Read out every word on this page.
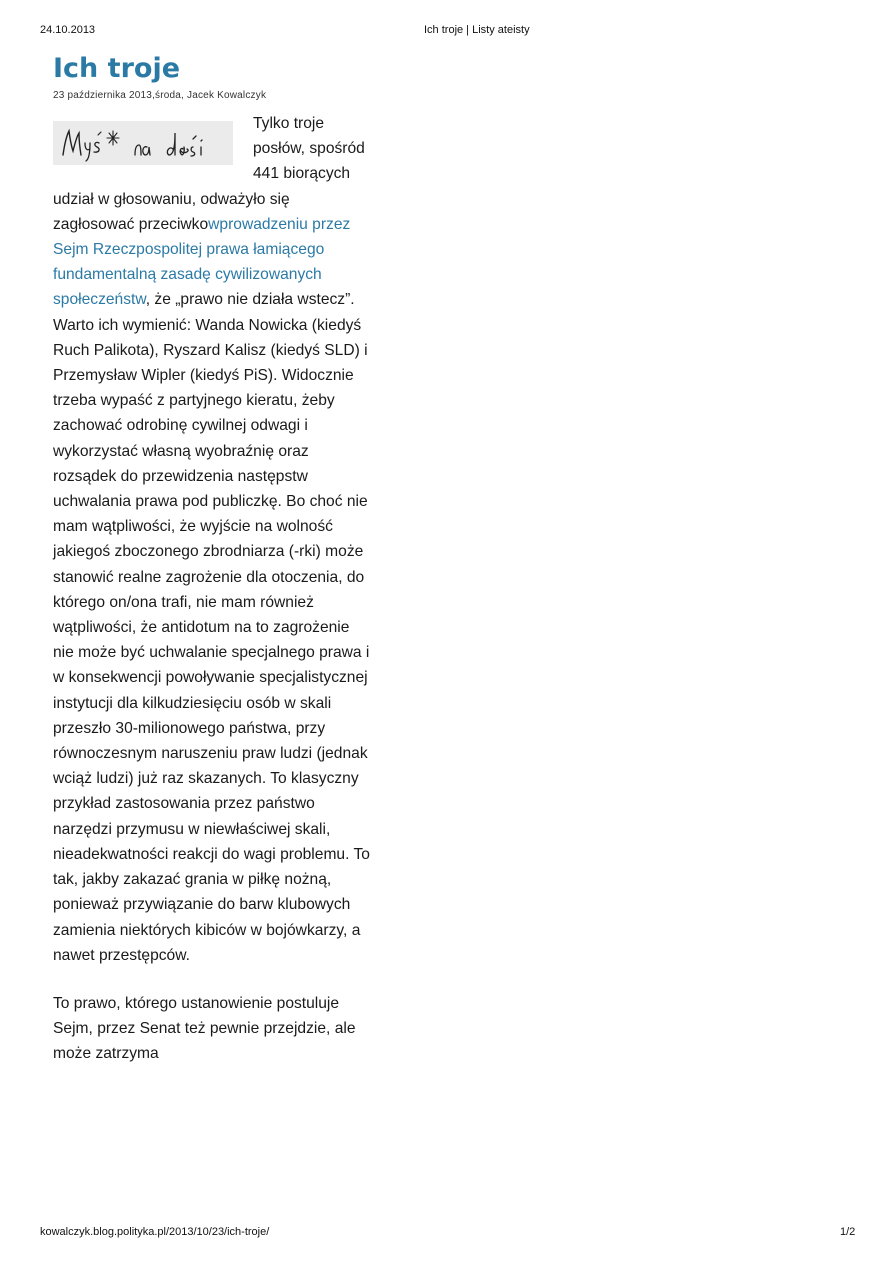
24.10.2013	Ich troje | Listy ateisty
Ich troje
23 października 2013,środa, Jacek Kowalczyk

Tylko troje posłów, spośród 441 biorących udział w głosowaniu, odważyło się zagłosować przeciwkowprowadzeniu przez Sejm Rzeczpospolitej prawa łamiącego fundamentalną zasadę cywilizowanych społeczeństw, że „prawo nie działa wstecz”. Warto ich wymienić: Wanda Nowicka (kiedyś Ruch Palikota), Ryszard Kalisz (kiedyś SLD) i Przemysław Wipler (kiedyś PiS). Widocznie trzeba wypaść z partyjnego kieratu, żeby zachować odrobinę cywilnej odwagi i wykorzystać własną wyobraźnię oraz rozsądek do przewidzenia następstw uchwalania prawa pod publiczkę. Bo choć nie mam wątpliwości, że wyjście na wolność jakiegoś zboczonego zbrodniarza (-rki) może stanowić realne zagrożenie dla otoczenia, do którego on/ona trafi, nie mam również wątpliwości, że antidotum na to zagrożenie nie może być uchwalanie specjalnego prawa i w konsekwencji powoływanie specjalistycznej instytucji dla kilkudziesięciu osób w skali przeszło 30-milionowego państwa, przy równoczesnym naruszeniu praw ludzi (jednak wciąż ludzi) już raz skazanych. To klasyczny przykład zastosowania przez państwo narzędzi przymusu w niewłaściwej skali, nieadekwatności reakcji do wagi problemu. To tak, jakby zakazać grania w piłkę nożną, ponieważ przywiązanie do barw klubowych zamienia niektórych kibiców w bojówkarzy, a nawet przestępców.

To prawo, którego ustanowienie postuluje Sejm, przez Senat też pewnie przejdzie, ale może zatrzyma

kowalczyk.blog.polityka.pl/2013/10/23/ich-troje/	1/2
